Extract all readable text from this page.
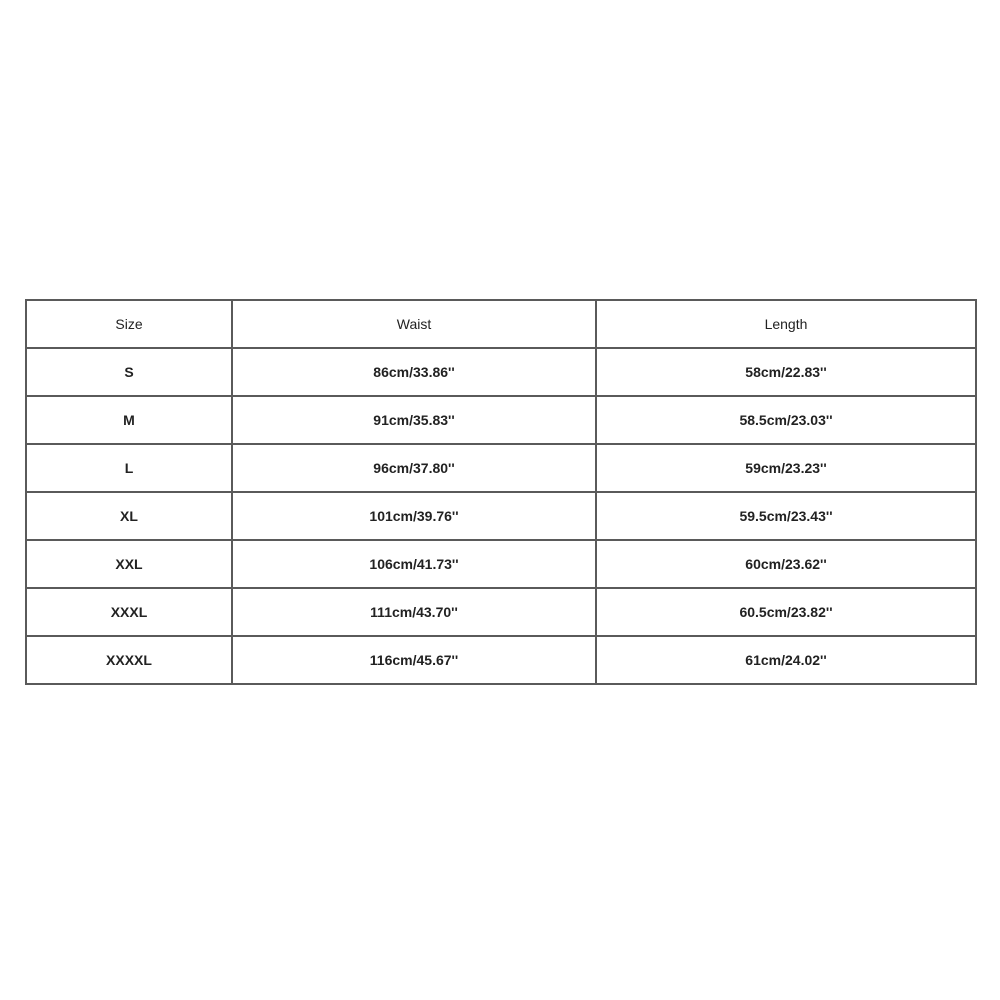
Size	Waist	Length
S	86cm/33.86''	58cm/22.83''
M	91cm/35.83''	58.5cm/23.03''
L	96cm/37.80''	59cm/23.23''
XL	101cm/39.76''	59.5cm/23.43''
XXL	106cm/41.73''	60cm/23.62''
XXXL	111cm/43.70''	60.5cm/23.82''
XXXXL	116cm/45.67''	61cm/24.02''
